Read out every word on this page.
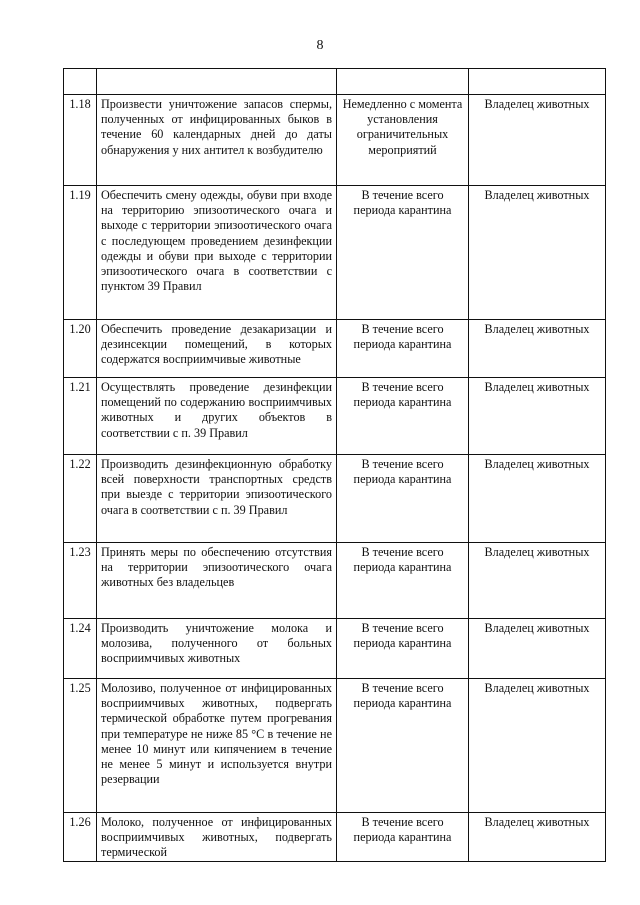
8

1.18	Произвести уничтожение запасов спермы, полученных от инфицированных быков в течение 60 календарных дней до даты обнаружения у них антител к возбудителю	Немедленно с момента установления ограничительных мероприятий	Владелец животных
1.19	Обеспечить смену одежды, обуви при входе на территорию эпизоотического очага и выходе с территории эпизоотического очага с последующем проведением дезинфекции одежды и обуви при выходе с территории эпизоотического очага в соответствии с пунктом 39 Правил	В течение всего периода карантина	Владелец животных
1.20	Обеспечить проведение дезакаризации и дезинсекции помещений, в которых содержатся восприимчивые животные	В течение всего периода карантина	Владелец животных
1.21	Осуществлять проведение дезинфекции помещений по содержанию восприимчивых животных и других объектов в соответствии с п. 39 Правил	В течение всего периода карантина	Владелец животных
1.22	Производить дезинфекционную обработку всей поверхности транспортных средств при выезде с территории эпизоотического очага в соответствии с п. 39 Правил	В течение всего периода карантина	Владелец животных
1.23	Принять меры по обеспечению отсутствия на территории эпизоотического очага животных без владельцев	В течение всего периода карантина	Владелец животных
1.24	Производить уничтожение молока и молозива, полученного от больных восприимчивых животных	В течение всего периода карантина	Владелец животных
1.25	Молозиво, полученное от инфицированных восприимчивых животных, подвергать термической обработке путем прогревания при температуре не ниже 85 °С в течение не менее 10 минут или кипячением в течение не менее 5 минут и используется внутри резервации	В течение всего периода карантина	Владелец животных
1.26	Молоко, полученное от инфицированных восприимчивых животных, подвергать термической	В течение всего периода карантина	Владелец животных
